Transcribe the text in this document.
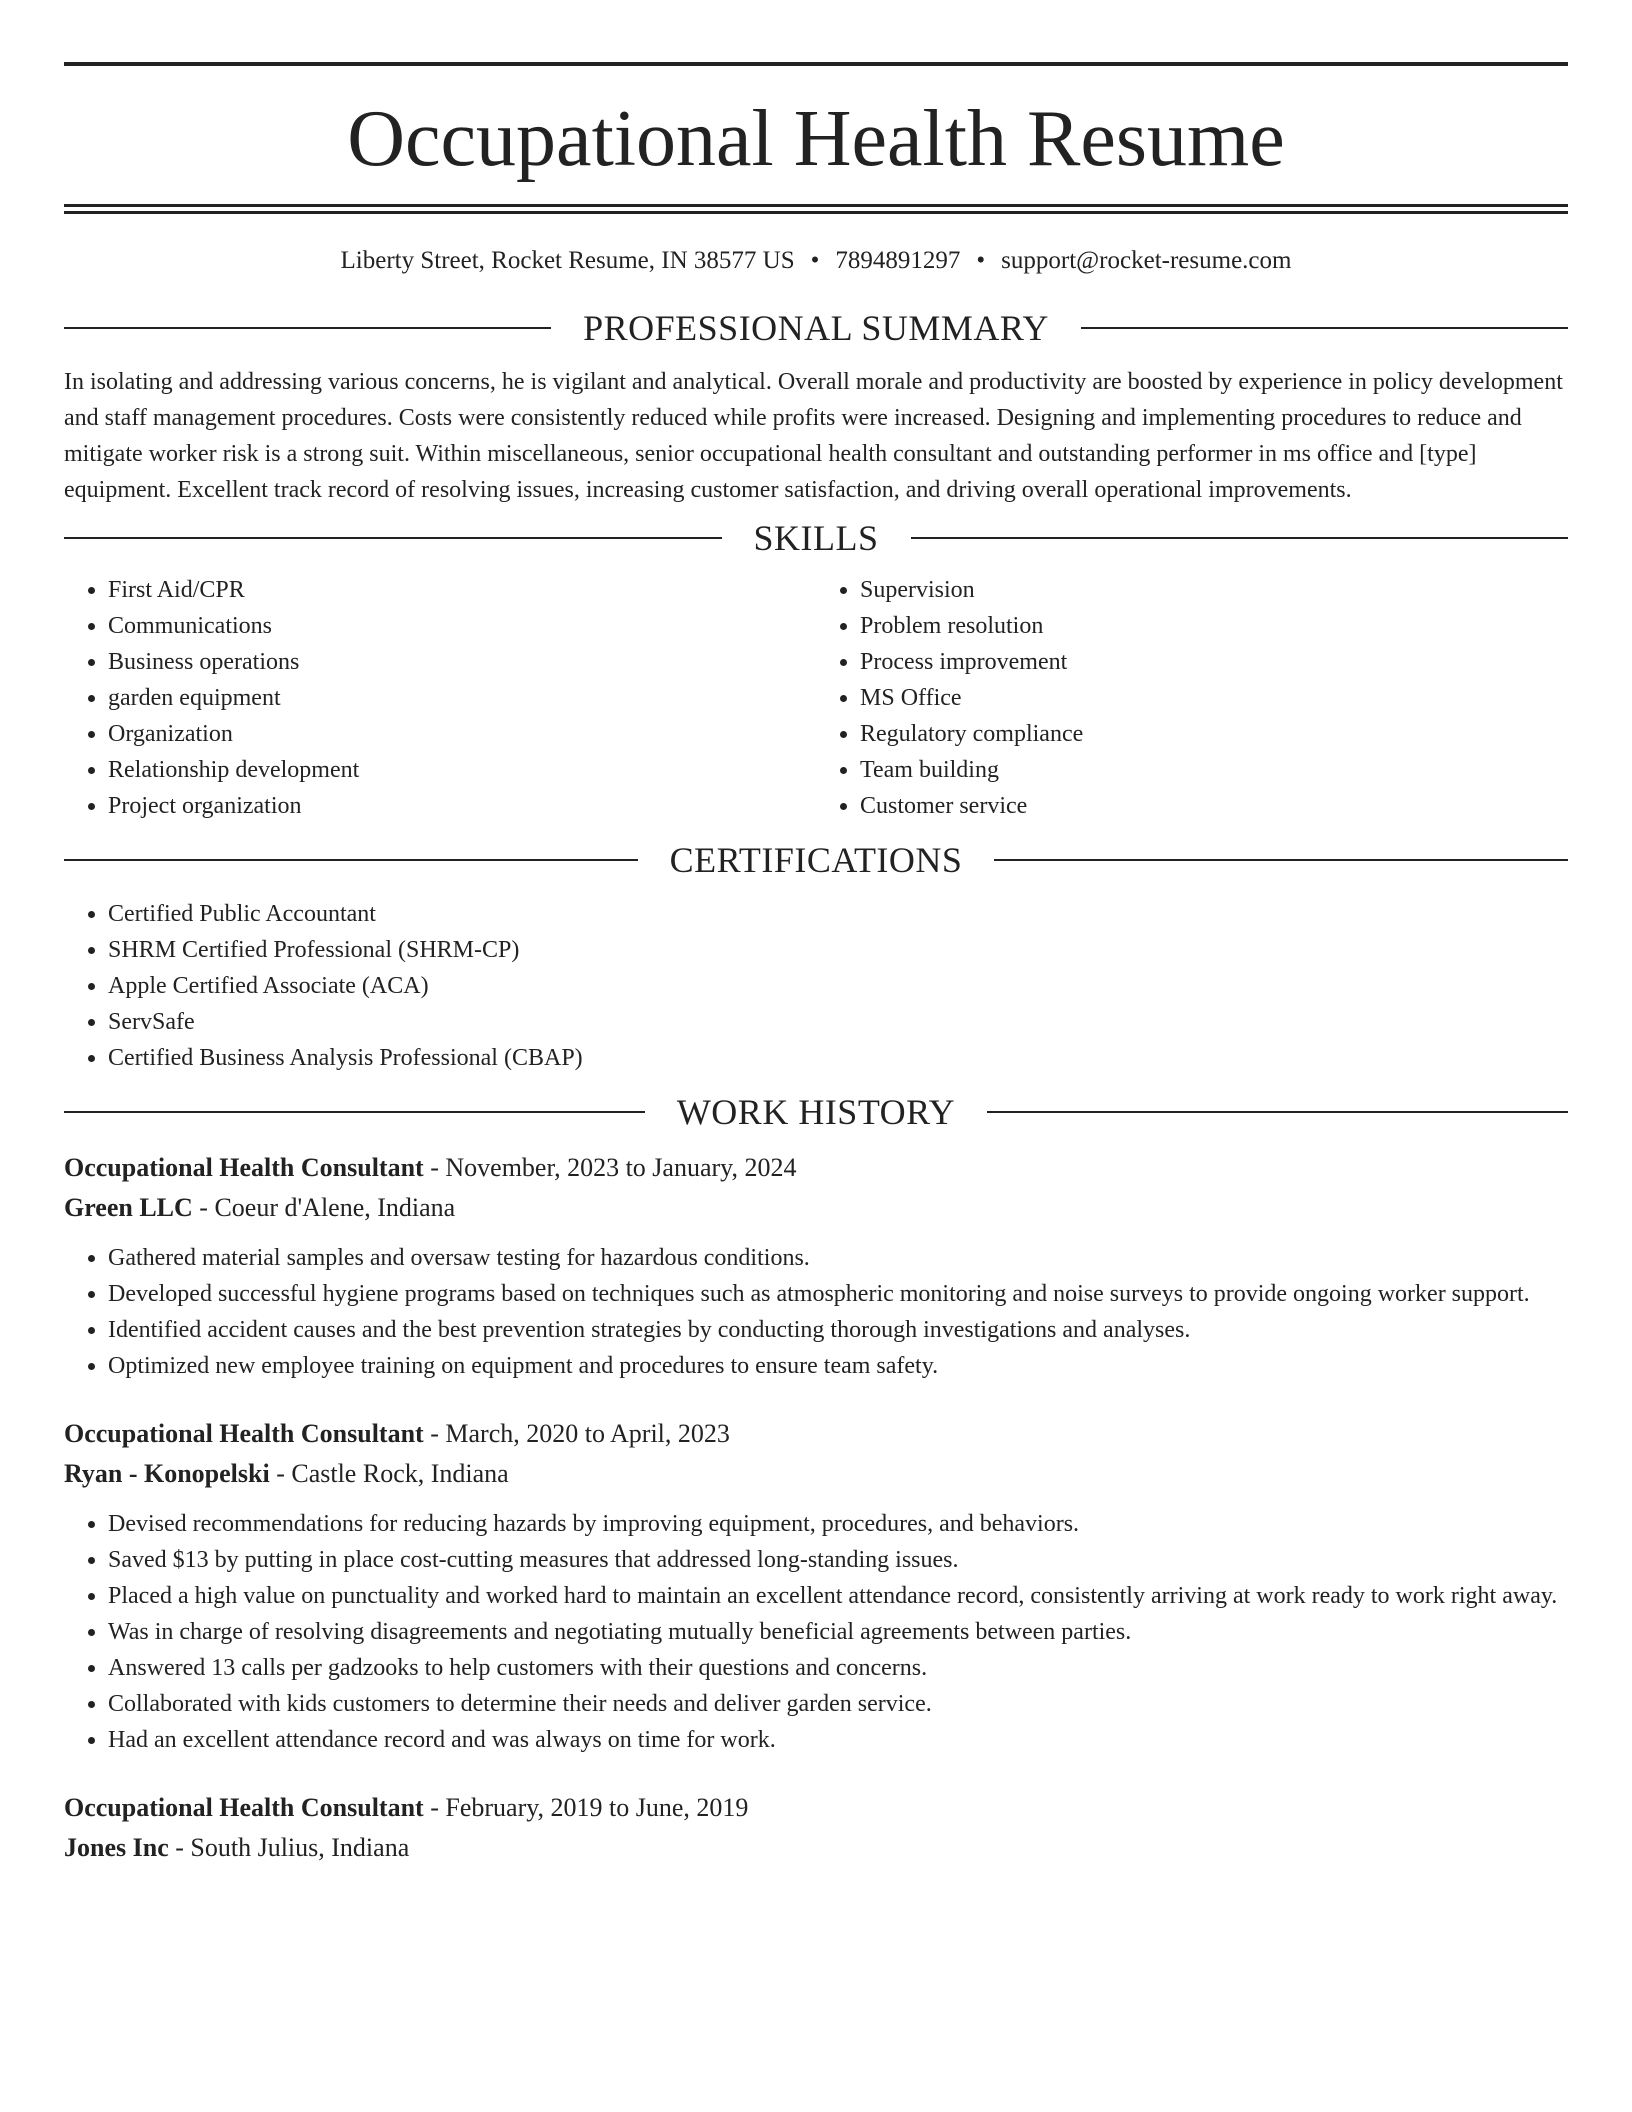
Occupational Health Resume
Liberty Street, Rocket Resume, IN 38577 US • 7894891297 • support@rocket-resume.com
PROFESSIONAL SUMMARY

In isolating and addressing various concerns, he is vigilant and analytical. Overall morale and productivity are boosted by experience in policy development and staff management procedures. Costs were consistently reduced while profits were increased. Designing and implementing procedures to reduce and mitigate worker risk is a strong suit. Within miscellaneous, senior occupational health consultant and outstanding performer in ms office and [type] equipment. Excellent track record of resolving issues, increasing customer satisfaction, and driving overall operational improvements.

SKILLS
• First Aid/CPR
• Communications
• Business operations
• garden equipment
• Organization
• Relationship development
• Project organization
• Supervision
• Problem resolution
• Process improvement
• MS Office
• Regulatory compliance
• Team building
• Customer service
CERTIFICATIONS
• Certified Public Accountant
• SHRM Certified Professional (SHRM-CP)
• Apple Certified Associate (ACA)
• ServSafe
• Certified Business Analysis Professional (CBAP)
WORK HISTORY
Occupational Health Consultant - November, 2023 to January, 2024
Green LLC - Coeur d'Alene, Indiana
• Gathered material samples and oversaw testing for hazardous conditions.
• Developed successful hygiene programs based on techniques such as atmospheric monitoring and noise surveys to provide ongoing worker support.
• Identified accident causes and the best prevention strategies by conducting thorough investigations and analyses.
• Optimized new employee training on equipment and procedures to ensure team safety.
Occupational Health Consultant - March, 2020 to April, 2023
Ryan - Konopelski - Castle Rock, Indiana
• Devised recommendations for reducing hazards by improving equipment, procedures, and behaviors.
• Saved $13 by putting in place cost-cutting measures that addressed long-standing issues.
• Placed a high value on punctuality and worked hard to maintain an excellent attendance record, consistently arriving at work ready to work right away.
• Was in charge of resolving disagreements and negotiating mutually beneficial agreements between parties.
• Answered 13 calls per gadzooks to help customers with their questions and concerns.
• Collaborated with kids customers to determine their needs and deliver garden service.
• Had an excellent attendance record and was always on time for work.
Occupational Health Consultant - February, 2019 to June, 2019
Jones Inc - South Julius, Indiana
